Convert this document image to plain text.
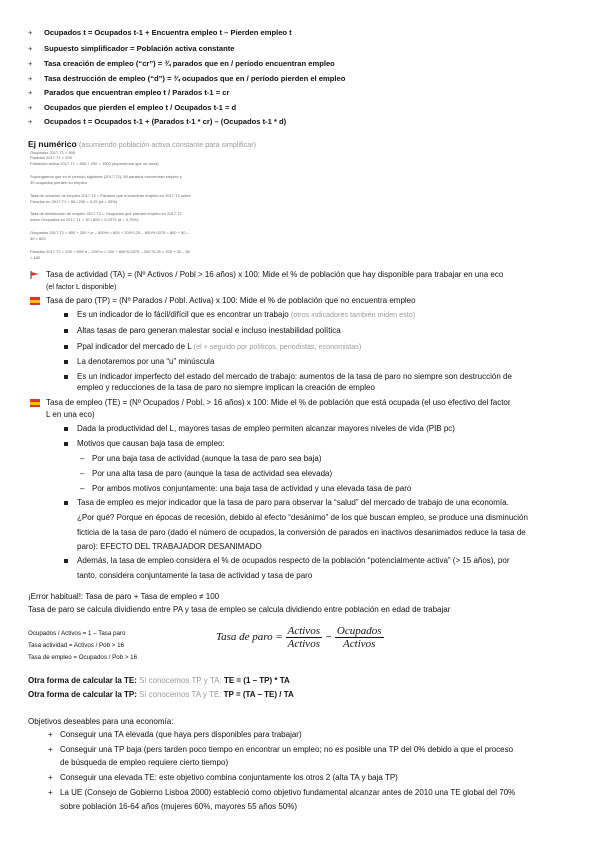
+ Ocupados t = Ocupados t-1 + Encuentra empleo t – Pierden empleo t
+ Supuesto simplificador = Población activa constante
+ Tasa creación de empleo (“cr”) = ¾ parados que en / período encuentran empleo
+ Tasa destrucción de empleo (“d”) = ¾ ocupados que en / período pierden el empleo
+ Parados que encuentran empleo t / Parados t-1 = cr
+ Ocupados que pierden el empleo t / Ocupados t-1 = d
+ Ocupados t = Ocupados t-1 + (Parados t-1 * cr) – (Ocupados t-1 * d)
Ej numérico (asumiendo población activa constante para simplificar)
Ocupados 2017.T1 = 800
Parados 2017.T1 = 200
Población activa 2017.T1 = 800 + 200 = 1000 (suponemos que no varía)
Supongamos que en el periodo siguiente (2017.T2), 50 parados encuentran empleo y
30 ocupados pierden su empleo
Tasa de creación de empleo 2017.T2 = Parados que encuentran empleo en 2017.T2 sobre
Parados en 2017.T1 = 50 / 200 = 0,25 (cr = 25%)
Tasa de destrucción de empleo 2017.T2 = Ocupados que pierden empleo en 2017.T2
sobre Ocupados en 2017.T1 = 30 / 800 = 0,0375 (d = 3,75%)
Ocupados 2017.T2 = 800 + 200 * cr – 800*d = 800 + 200*0,25 – 800*0,0375 = 800 + 50 –
30 = 820
Parados 2017.T2 = 200 + 800*d – 200*cr = 200 + 800*0,0375 – 200 *0,25 = 200 + 30 – 50
= 180
Tasa de actividad (TA) = (Nº Activos / Pobl > 16 años) x 100: Mide el % de población que hay disponible para trabajar en una eco
(el factor L disponible)
Tasa de paro (TP) = (Nº Parados / Pobl. Activa) x 100: Mide el % de población que no encuentra empleo
Es un indicador de lo fácil/difícil que es encontrar un trabajo (otros indicadores también miden esto)
Altas tasas de paro generan malestar social e incluso inestabilidad política
Ppal indicador del mercado de L (el + seguido por políticos, periodistas, economistas)
La denotaremos por una “u” minúscula
Es un indicador imperfecto del estado del mercado de trabajo: aumentos de la tasa de paro no siempre son destrucción de
empleo y reducciones de la tasa de paro no siempre implican la creación de empleo
Tasa de empleo (TE) = (Nº Ocupados / Pobl. > 16 años) x 100: Mide el % de población que está ocupada (el uso efectivo del factor
L en una eco)
Dada la productividad del L, mayores tasas de empleo permiten alcanzar mayores niveles de vida (PIB pc)
Motivos que causan baja tasa de empleo:
– Por una baja tasa de actividad (aunque la tasa de paro sea baja)
– Por una alta tasa de paro (aunque la tasa de actividad sea elevada)
– Por ambos motivos conjuntamente: una baja tasa de actividad y una elevada tasa de paro
Tasa de empleo es mejor indicador que la tasa de paro para observar la “salud” del mercado de trabajo de una economía.
¿Por qué? Porque en épocas de recesión, debido al efecto “desánimo” de los que buscan empleo, se produce una disminución
ficticia de la tasa de paro (dado el número de ocupados, la conversión de parados en inactivos desanimados reduce la tasa de
paro): EFECTO DEL TRABAJADOR DESANIMADO
Además, la tasa de empleo considera el % de ocupados respecto de la población “potencialmente activa” (> 15 años), por
tanto, considera conjuntamente la tasa de actividad y tasa de paro
¡Error habitual!: Tasa de paro + Tasa de empleo ≠ 100
Tasa de paro se calcula dividiendo entre PA y tasa de empleo se calcula dividiendo entre población en edad de trabajar
Ocupados / Activos = 1 – Tasa paro
Tasa actividad = Activos / Pob > 16
Tasa de empleo = Ocupados / Pob > 16
Tasa de paro = $\frac{\text{Activos}}{\text{Activos}} - \frac{\text{Ocupados}}{\text{Activos}}$
Otra forma de calcular la TE: Si conocemos TP y TA: TE = (1 – TP) * TA
Otra forma de calcular la TP: Si conocemos TA y TE: TP = (TA – TE) / TA
Objetivos deseables para una economía:
+ Conseguir una TA elevada (que haya pers disponibles para trabajar)
+ Conseguir una TP baja (pers tarden poco tiempo en encontrar un empleo; no es posible una TP del 0% debido a que el proceso
de búsqueda de empleo requiere cierto tiempo)
+ Conseguir una elevada TE: este objetivo combina conjuntamente los otros 2 (alta TA y baja TP)
+ La UE (Consejo de Gobierno Lisboa 2000) estableció como objetivo fundamental alcanzar antes de 2010 una TE global del 70%
sobre población 16-64 años (mujeres 60%, mayores 55 años 50%)
